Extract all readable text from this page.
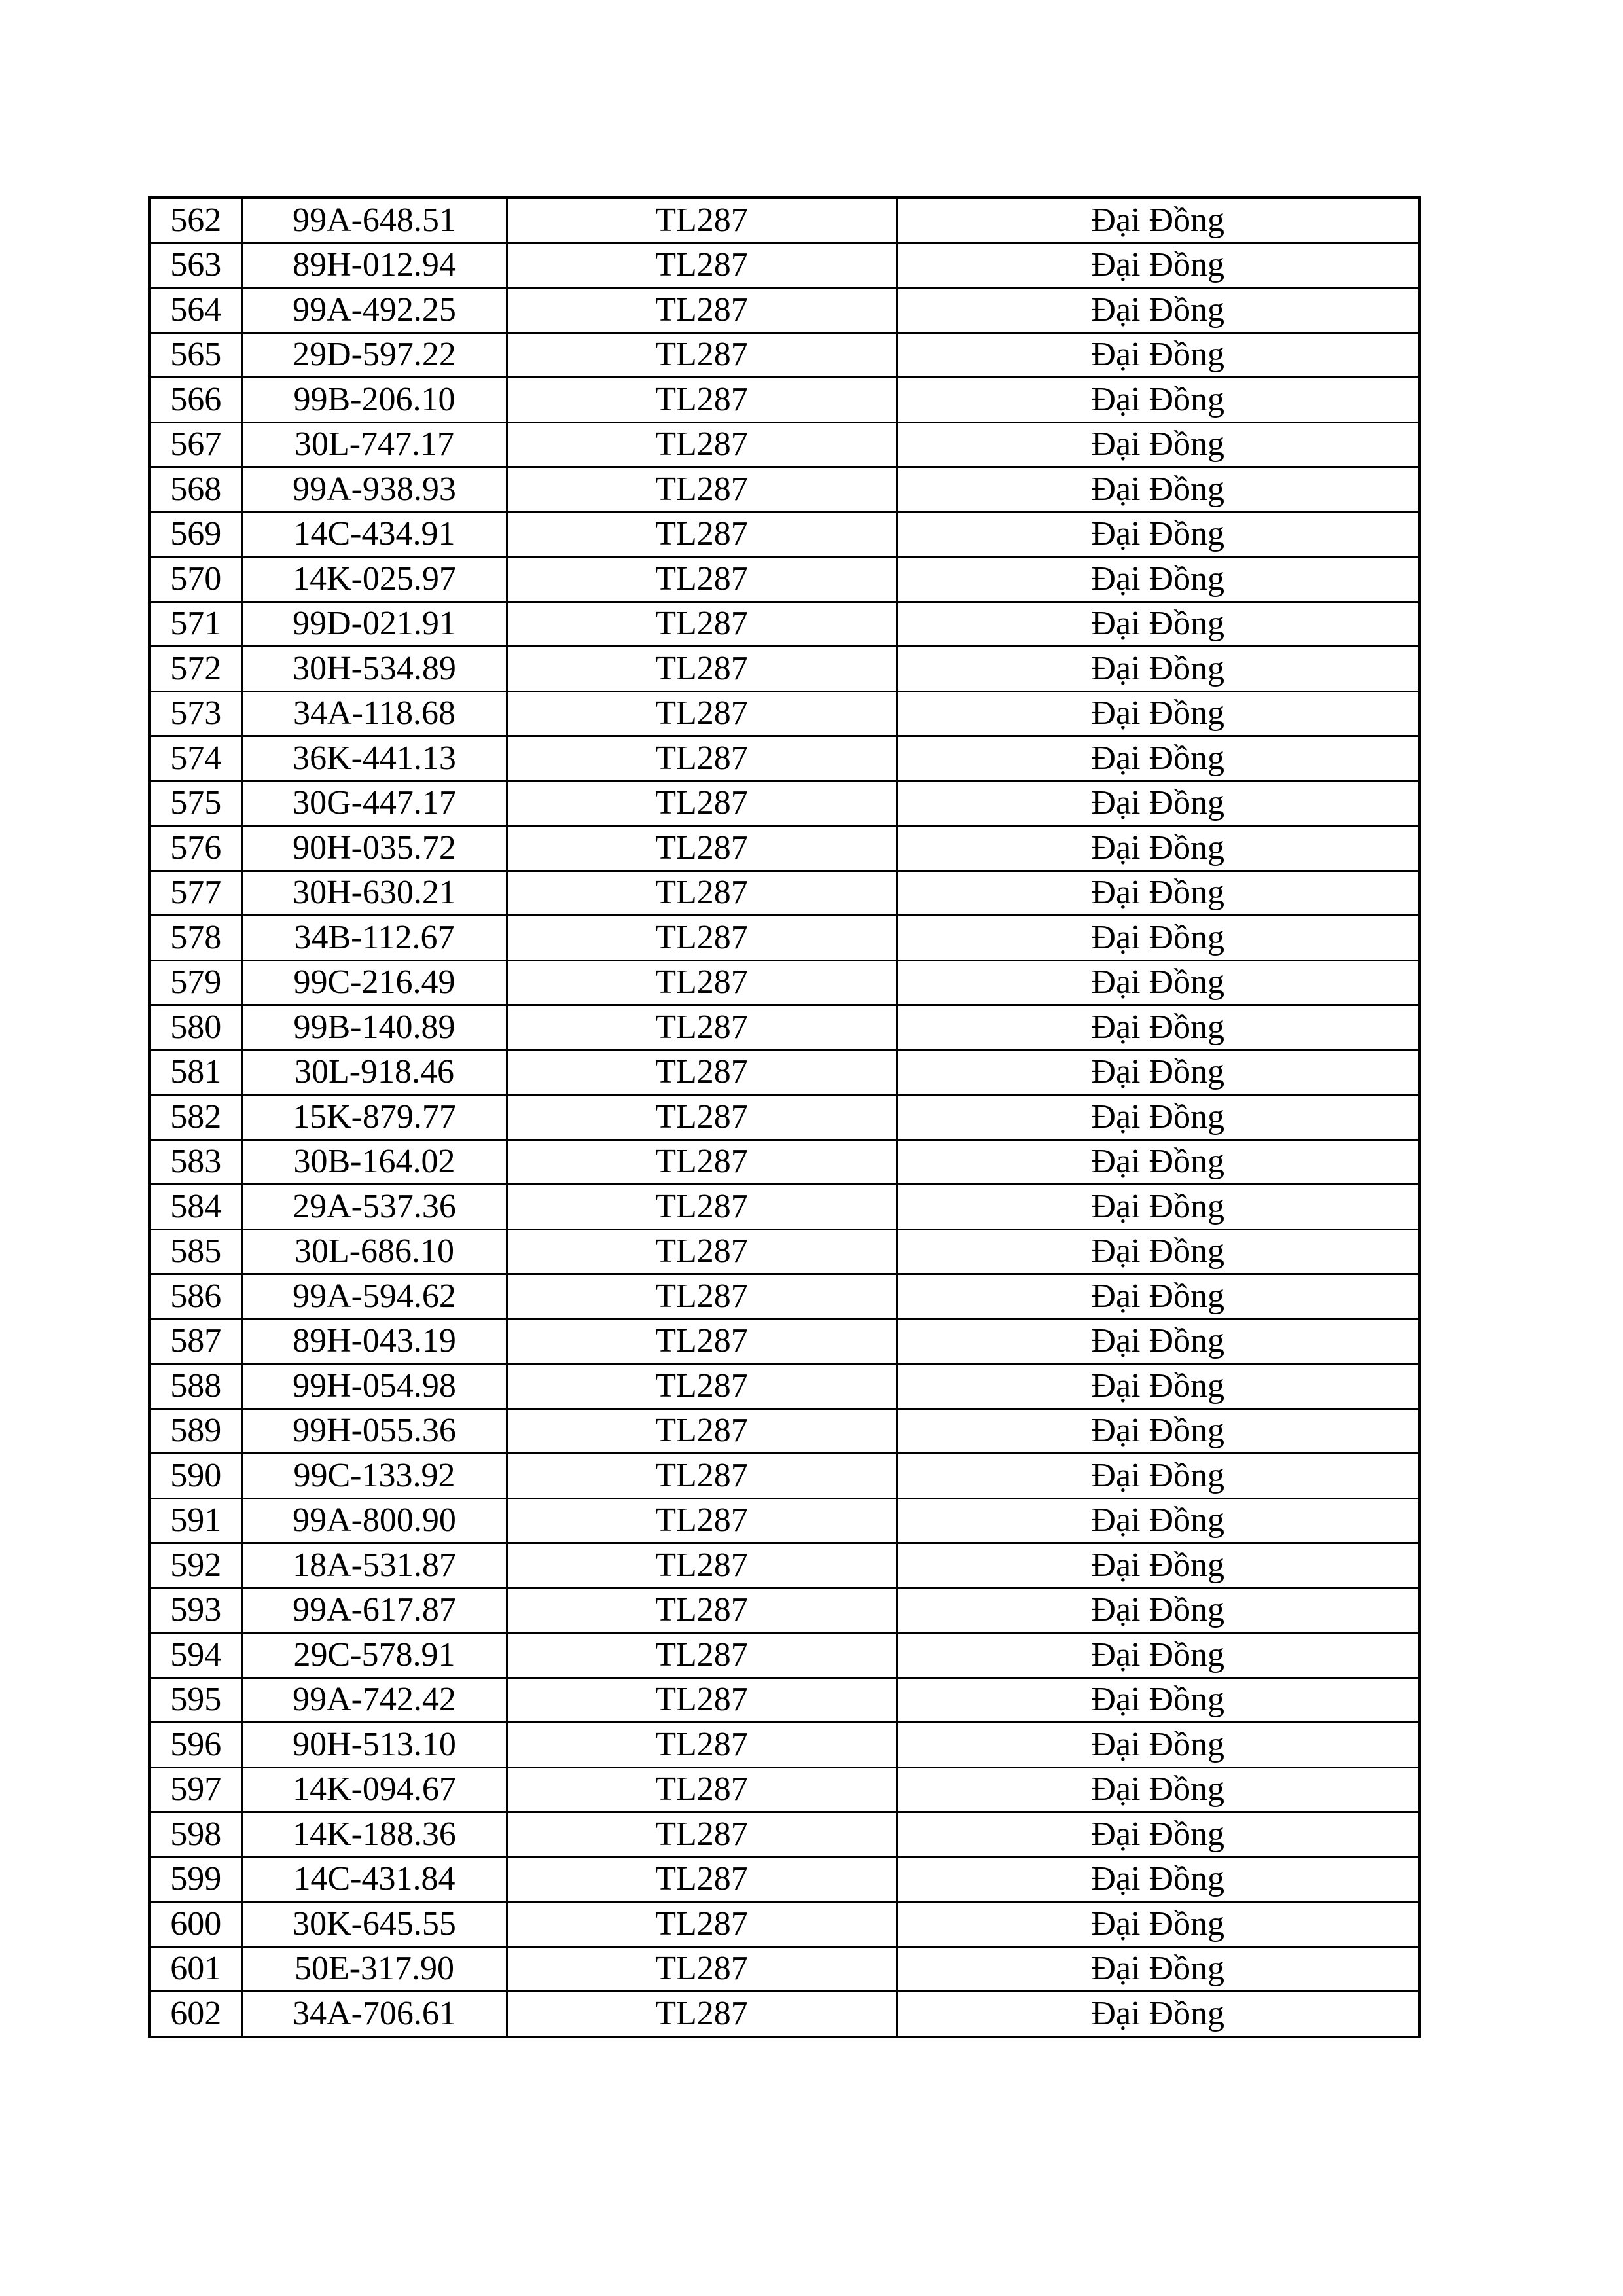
562	99A-648.51	TL287	Đại Đồng
563	89H-012.94	TL287	Đại Đồng
564	99A-492.25	TL287	Đại Đồng
565	29D-597.22	TL287	Đại Đồng
566	99B-206.10	TL287	Đại Đồng
567	30L-747.17	TL287	Đại Đồng
568	99A-938.93	TL287	Đại Đồng
569	14C-434.91	TL287	Đại Đồng
570	14K-025.97	TL287	Đại Đồng
571	99D-021.91	TL287	Đại Đồng
572	30H-534.89	TL287	Đại Đồng
573	34A-118.68	TL287	Đại Đồng
574	36K-441.13	TL287	Đại Đồng
575	30G-447.17	TL287	Đại Đồng
576	90H-035.72	TL287	Đại Đồng
577	30H-630.21	TL287	Đại Đồng
578	34B-112.67	TL287	Đại Đồng
579	99C-216.49	TL287	Đại Đồng
580	99B-140.89	TL287	Đại Đồng
581	30L-918.46	TL287	Đại Đồng
582	15K-879.77	TL287	Đại Đồng
583	30B-164.02	TL287	Đại Đồng
584	29A-537.36	TL287	Đại Đồng
585	30L-686.10	TL287	Đại Đồng
586	99A-594.62	TL287	Đại Đồng
587	89H-043.19	TL287	Đại Đồng
588	99H-054.98	TL287	Đại Đồng
589	99H-055.36	TL287	Đại Đồng
590	99C-133.92	TL287	Đại Đồng
591	99A-800.90	TL287	Đại Đồng
592	18A-531.87	TL287	Đại Đồng
593	99A-617.87	TL287	Đại Đồng
594	29C-578.91	TL287	Đại Đồng
595	99A-742.42	TL287	Đại Đồng
596	90H-513.10	TL287	Đại Đồng
597	14K-094.67	TL287	Đại Đồng
598	14K-188.36	TL287	Đại Đồng
599	14C-431.84	TL287	Đại Đồng
600	30K-645.55	TL287	Đại Đồng
601	50E-317.90	TL287	Đại Đồng
602	34A-706.61	TL287	Đại Đồng
